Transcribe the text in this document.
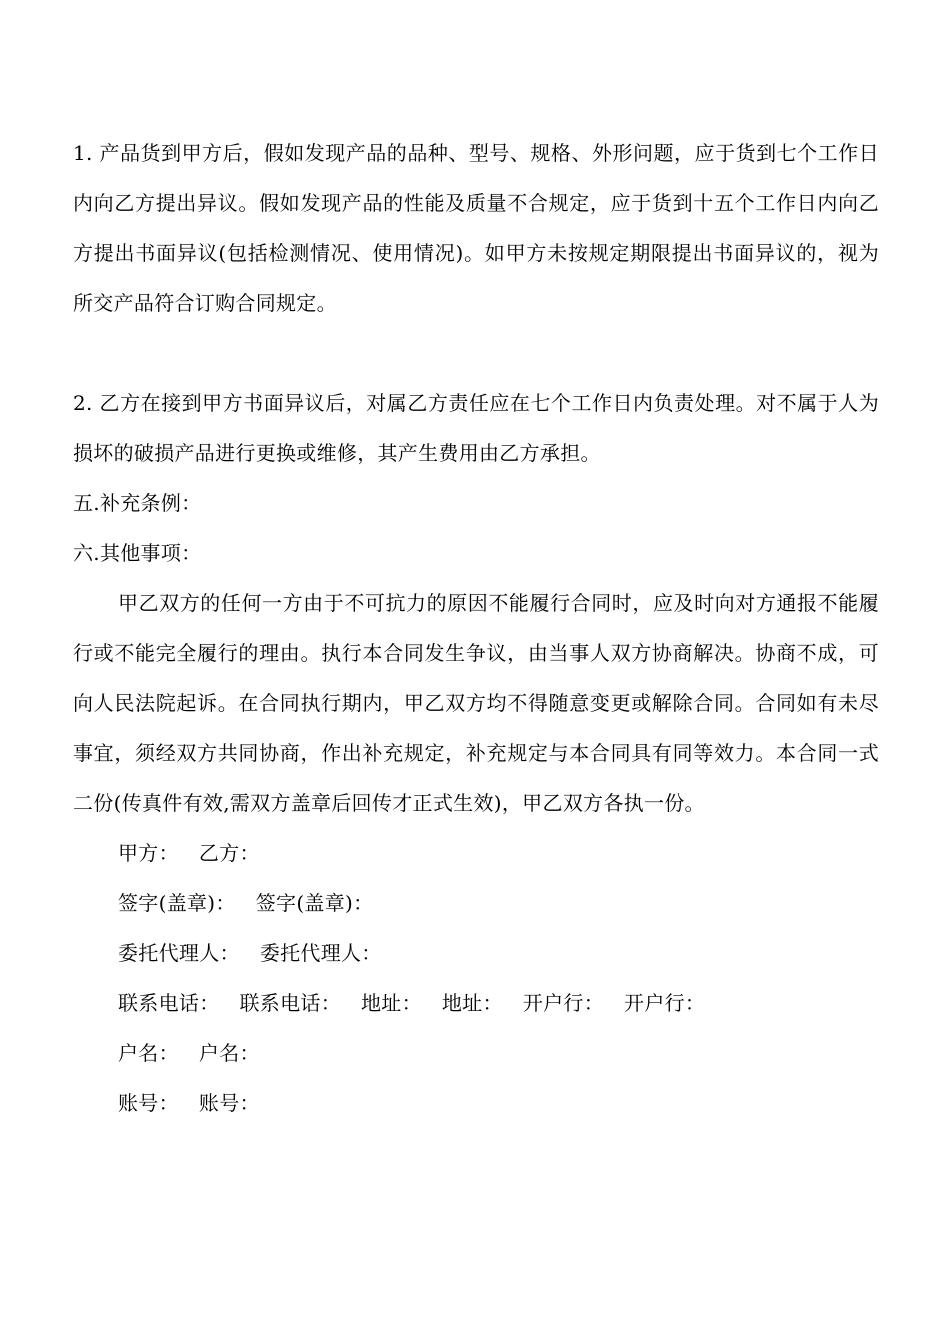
1. 产品货到甲方后，假如发现产品的品种、型号、规格、外形问题，应于货到七个工作日内向乙方提出异议。假如发现产品的性能及质量不合规定，应于货到十五个工作日内向乙方提出书面异议(包括检测情况、使用情况)。如甲方未按规定期限提出书面异议的，视为所交产品符合订购合同规定。

2. 乙方在接到甲方书面异议后，对属乙方责任应在七个工作日内负责处理。对不属于人为损坏的破损产品进行更换或维修，其产生费用由乙方承担。

五.补充条例：

六.其他事项：

甲乙双方的任何一方由于不可抗力的原因不能履行合同时，应及时向对方通报不能履行或不能完全履行的理由。执行本合同发生争议，由当事人双方协商解决。协商不成，可向人民法院起诉。在合同执行期内，甲乙双方均不得随意变更或解除合同。合同如有未尽事宜，须经双方共同协商，作出补充规定，补充规定与本合同具有同等效力。本合同一式二份(传真件有效,需双方盖章后回传才正式生效)，甲乙双方各执一份。

甲方： 乙方：

签字(盖章)： 签字(盖章)：

委托代理人： 委托代理人：

联系电话： 联系电话： 地址： 地址： 开户行： 开户行：

户名： 户名：

账号： 账号：
